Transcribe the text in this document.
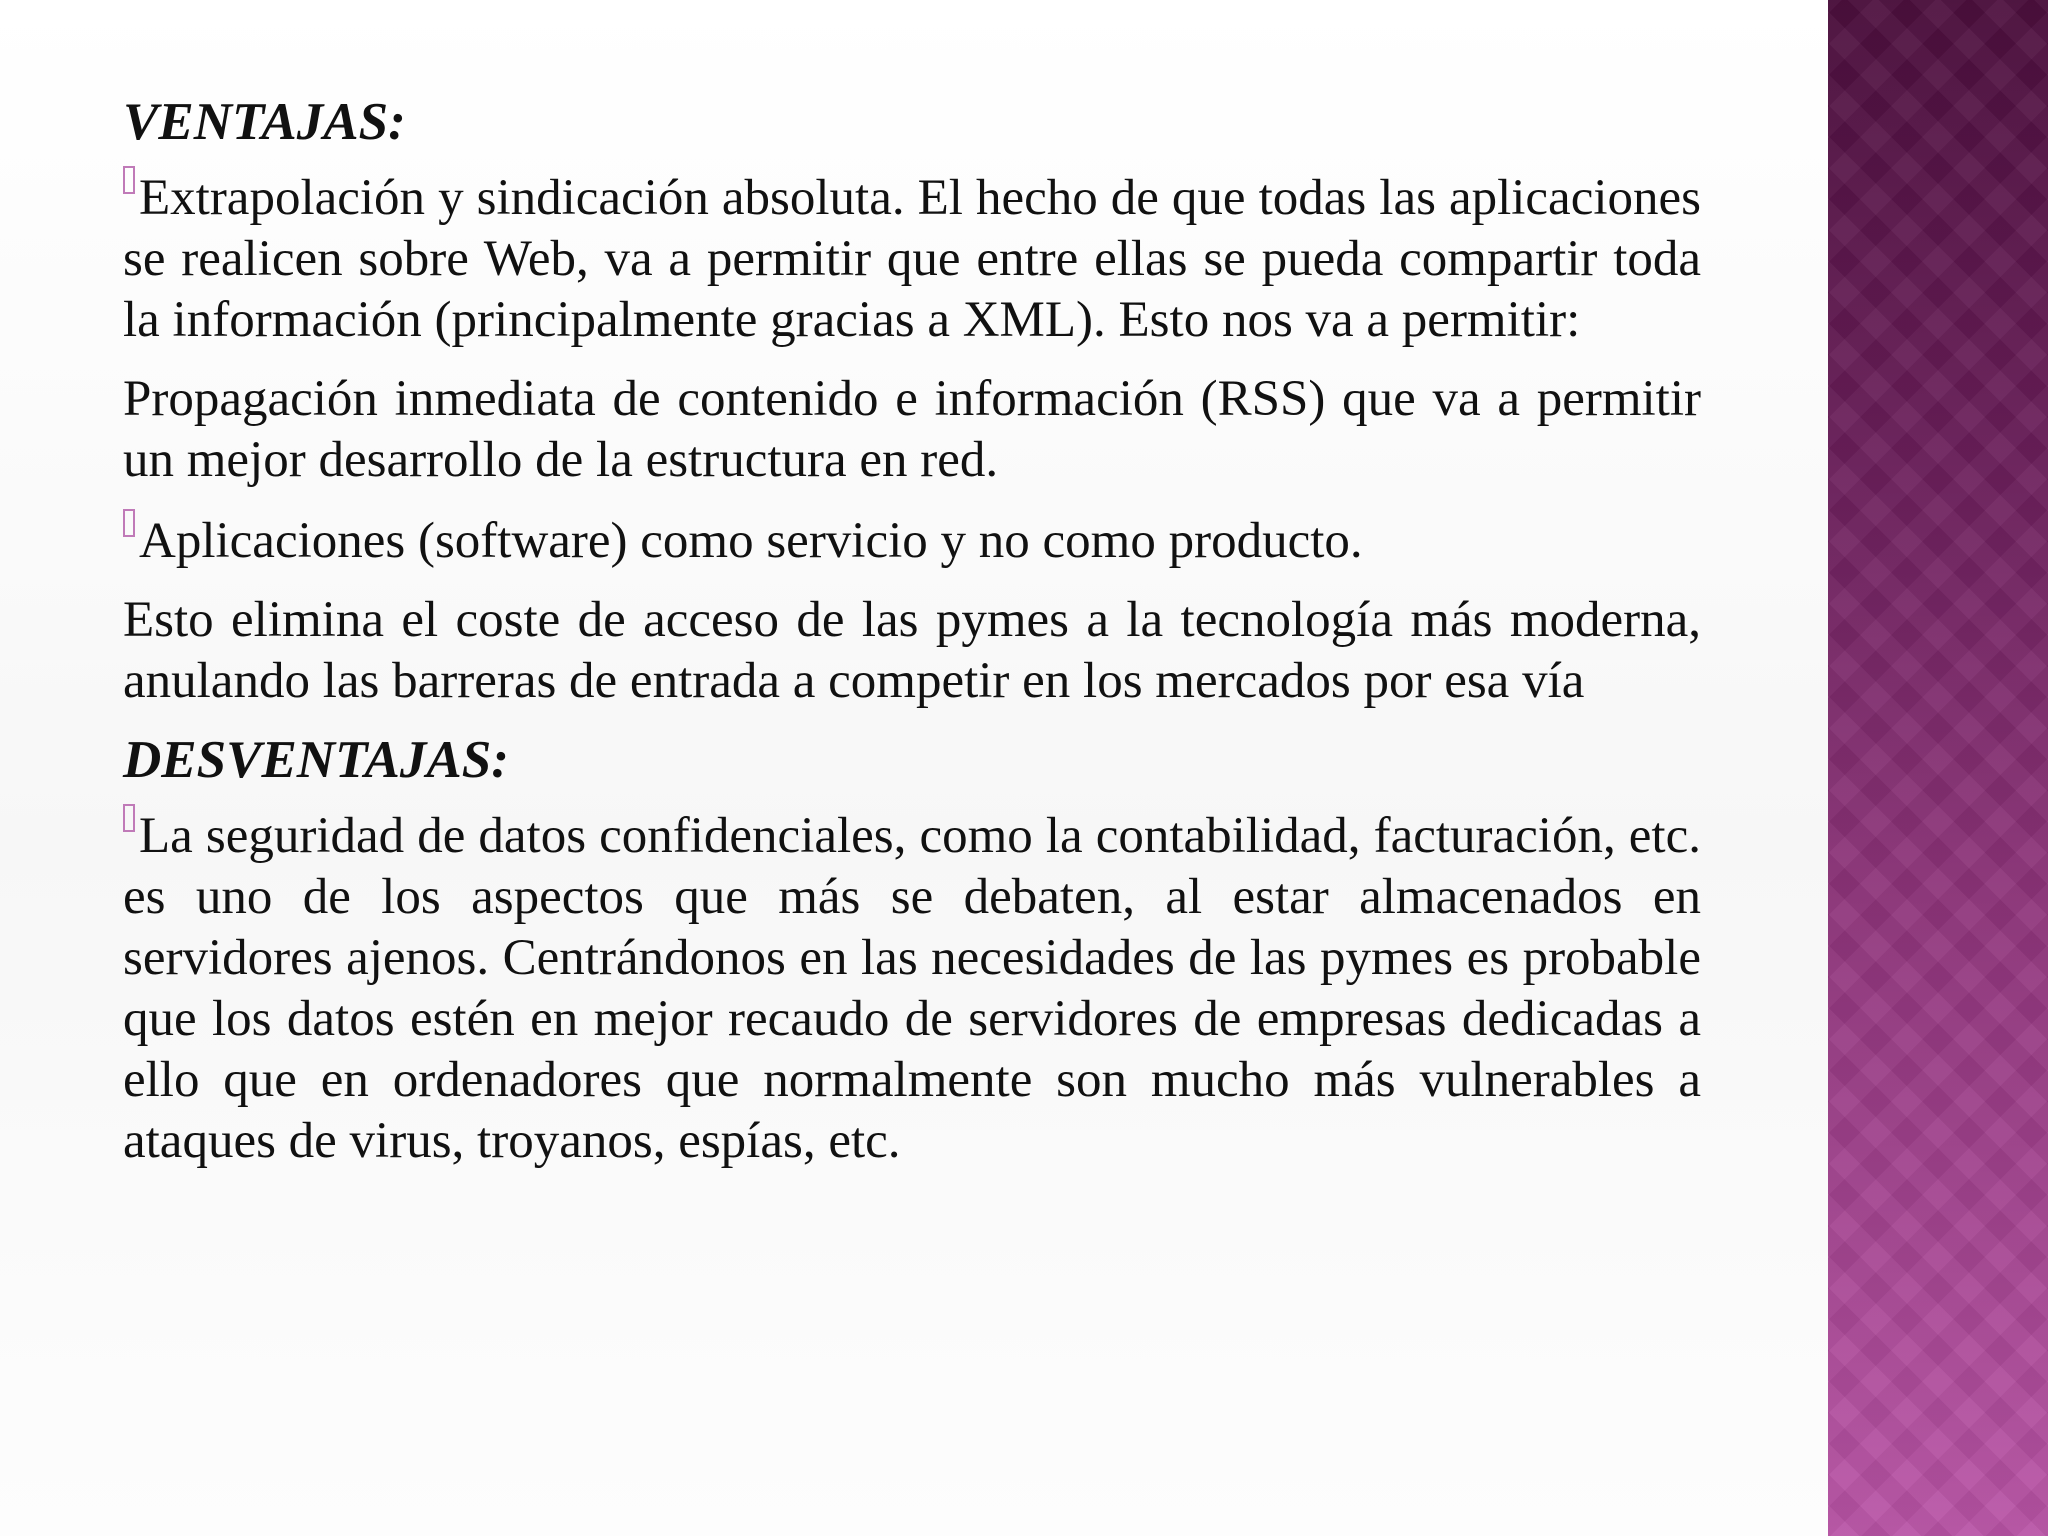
VENTAJAS:

Extrapolación y sindicación absoluta. El hecho de que todas las aplicaciones se realicen sobre Web, va a permitir que entre ellas se pueda compartir toda la información (principalmente gracias a XML). Esto nos va a permitir:

Propagación inmediata de contenido e información (RSS) que va a permitir un mejor desarrollo de la estructura en red.

Aplicaciones (software) como servicio y no como producto.

Esto elimina el coste de acceso de las pymes a la tecnología más moderna, anulando las barreras de entrada a competir en los mercados por esa vía

DESVENTAJAS:

La seguridad de datos confidenciales, como la contabilidad, facturación, etc. es uno de los aspectos que más se debaten, al estar almacenados en servidores ajenos. Centrándonos en las necesidades de las pymes es probable que los datos estén en mejor recaudo de servidores de empresas dedicadas a ello que en ordenadores que normalmente son mucho más vulnerables a ataques de virus, troyanos, espías, etc.
